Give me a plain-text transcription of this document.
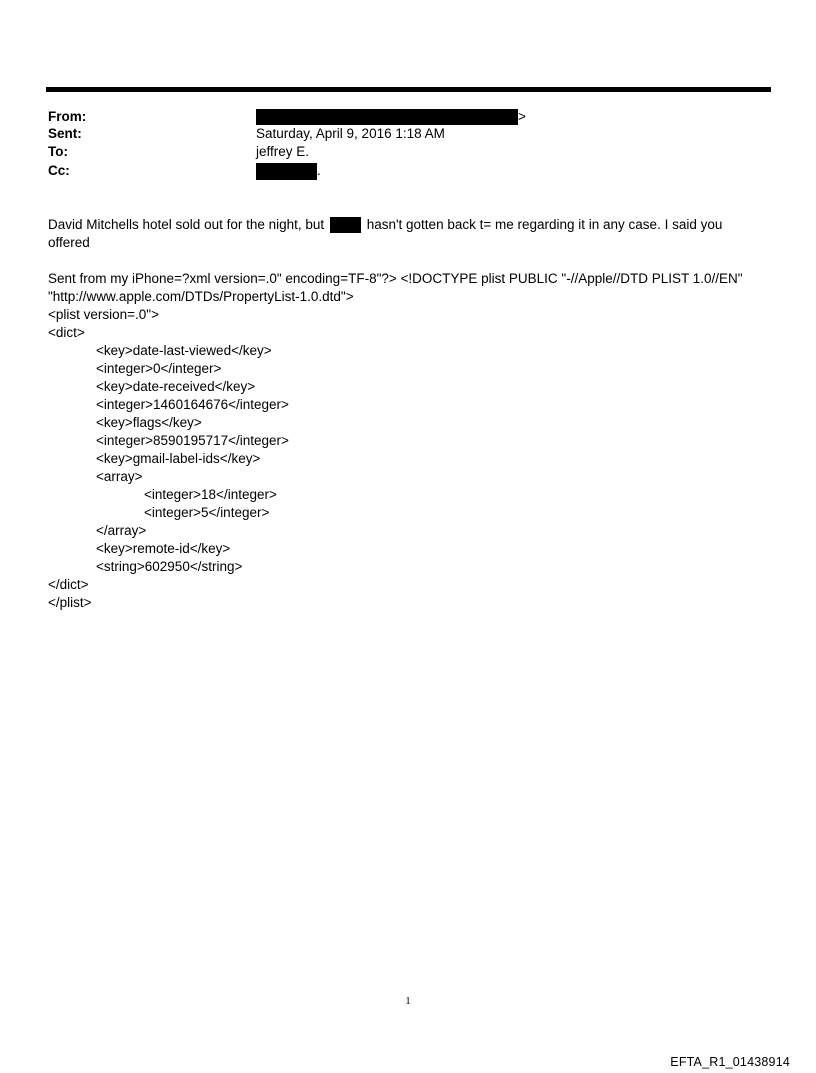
From:	>
Sent:	Saturday, April 9, 2016 1:18 AM
To:	jeffrey E.
Cc:	.
David Mitchells hotel sold out for the night, but	hasn't gotten back t= me regarding it in any case. I said you
offered
Sent from my iPhone=?xml version=.0" encoding=TF-8"?> <!DOCTYPE plist PUBLIC "-//Apple//DTD PLIST 1.0//EN"
"http://www.apple.com/DTDs/PropertyList-1.0.dtd">
<plist version=.0">
<dict>
<key>date-last-viewed</key>
<integer>0</integer>
<key>date-received</key>
<integer>1460164676</integer>
<key>flags</key>
<integer>8590195717</integer>
<key>gmail-label-ids</key>
<array>
<integer>18</integer>
<integer>5</integer>
</array>
<key>remote-id</key>
<string>602950</string>
</dict>
</plist>
1
EFTA_R1_01438914
